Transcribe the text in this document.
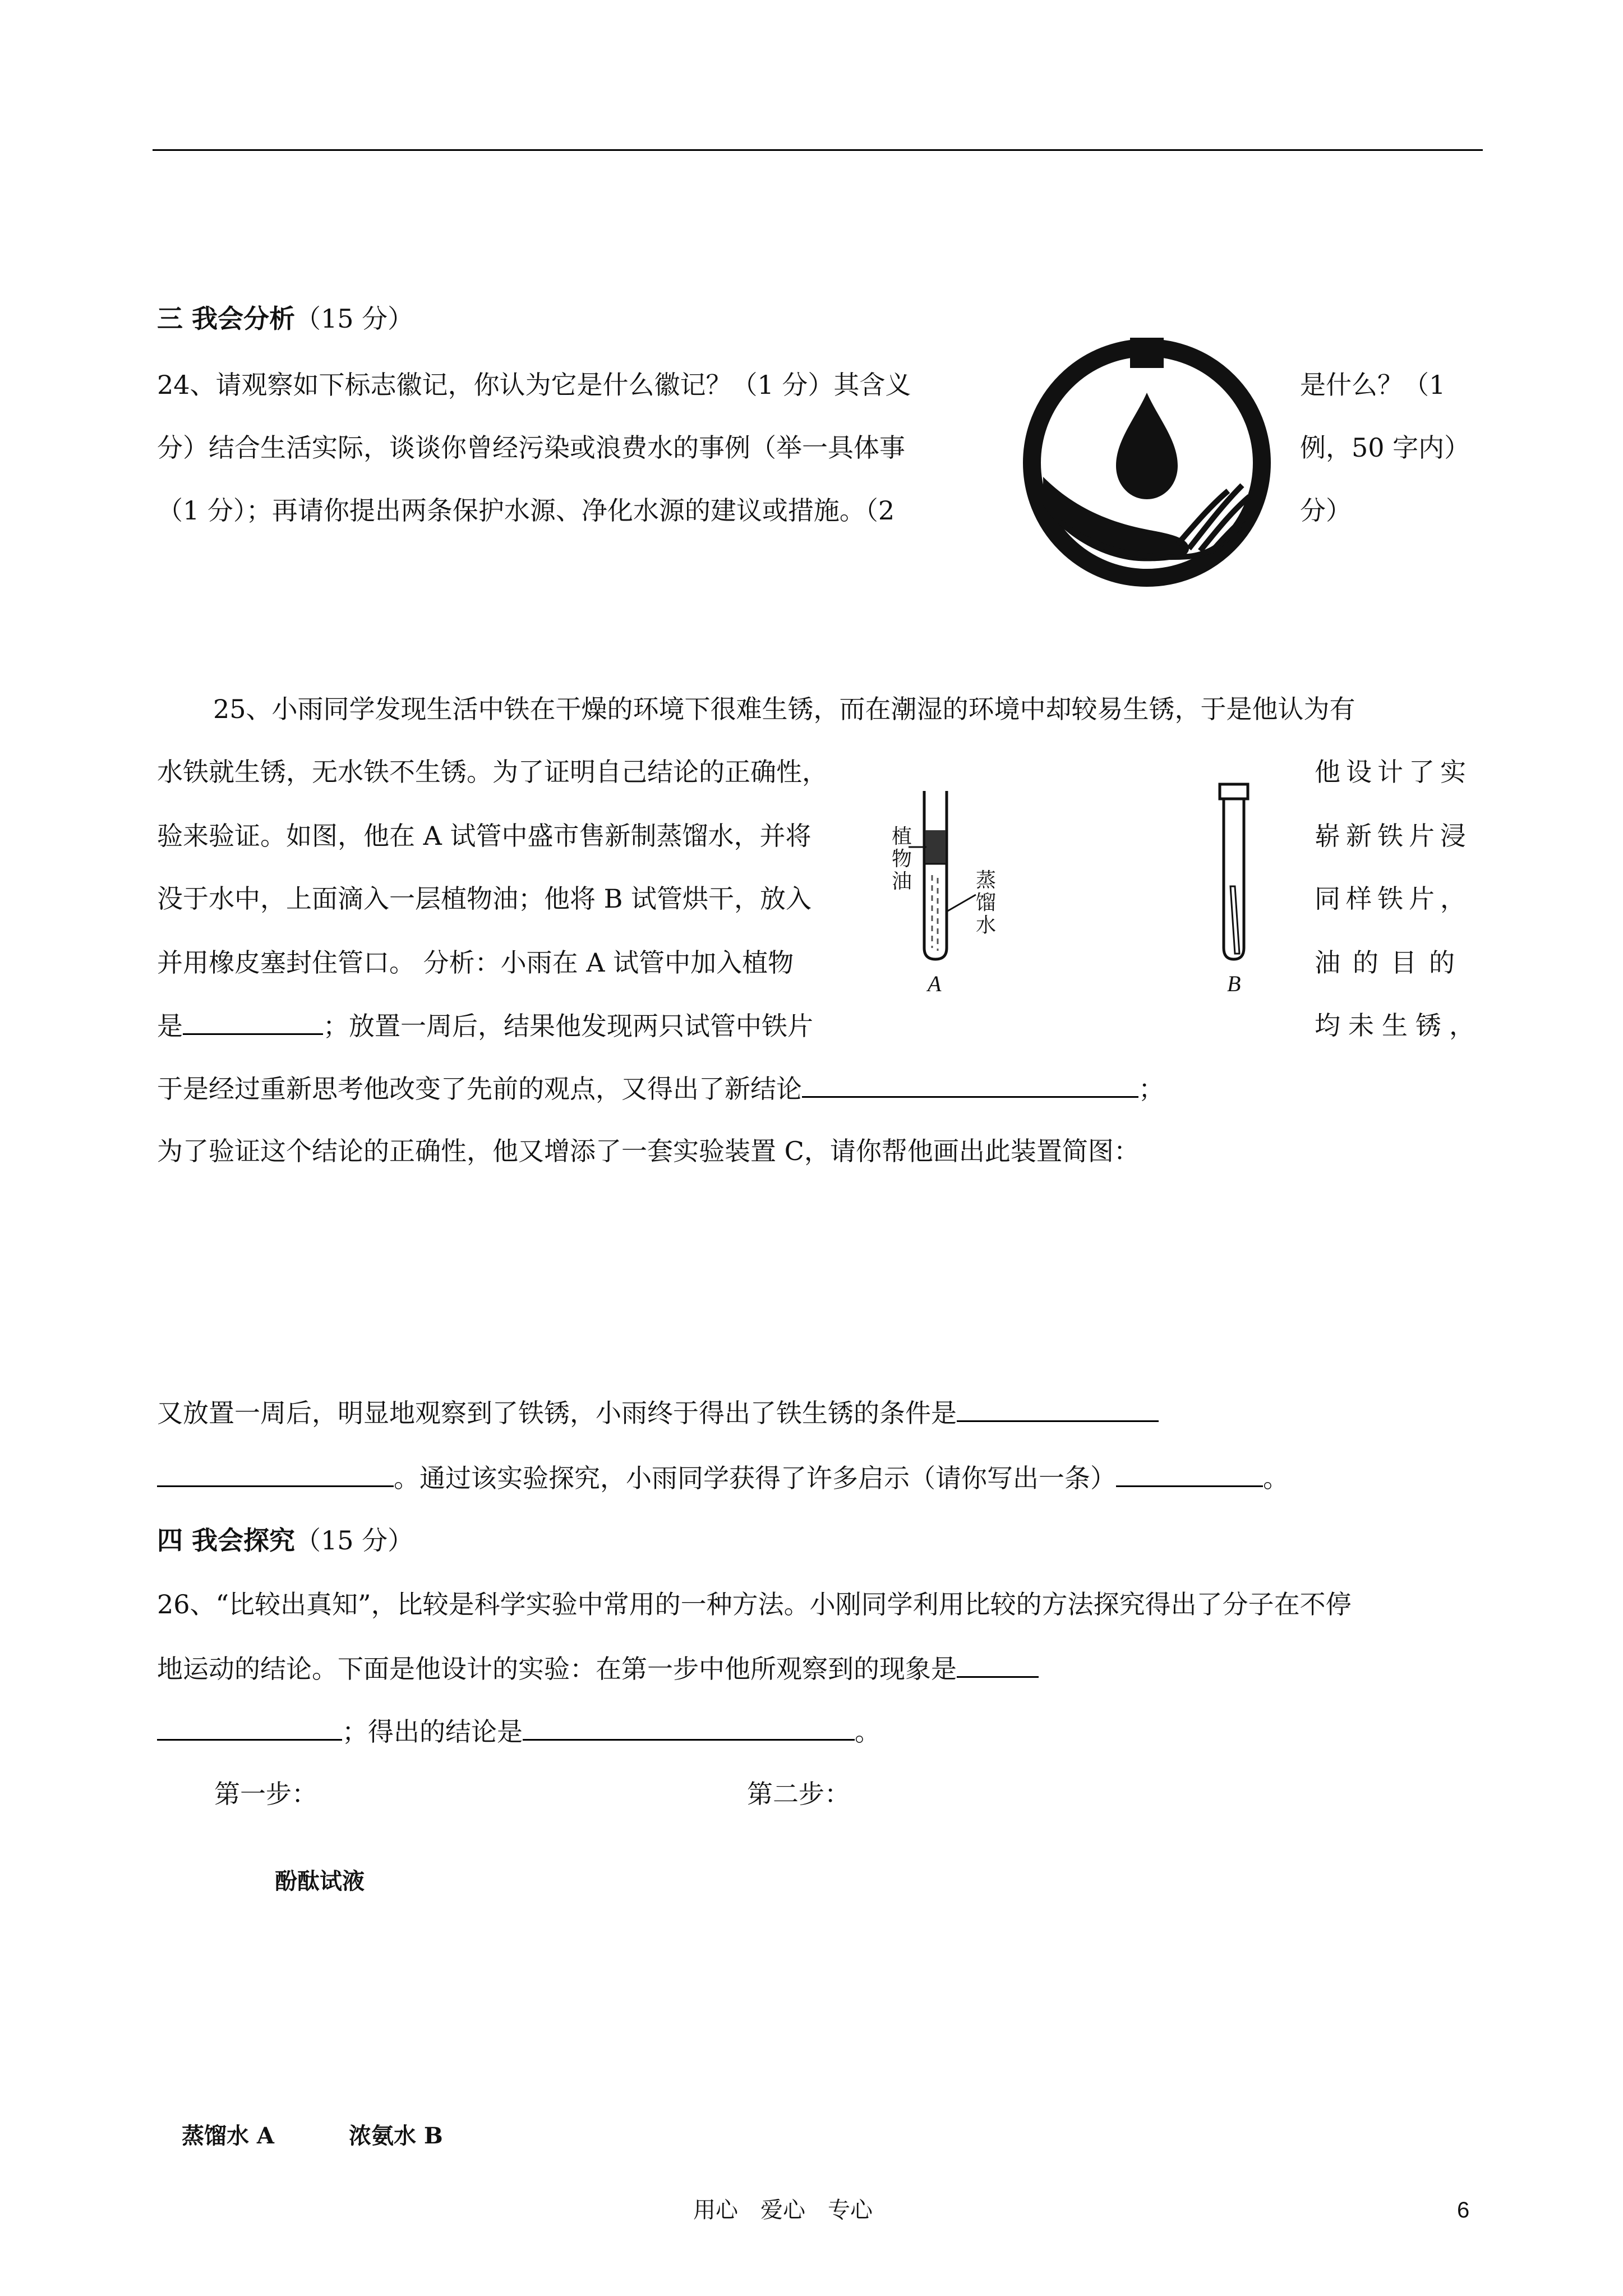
三 我会分析（15 分）
24、请观察如下标志徽记，你认为它是什么徽记？（1 分）其含义	是什么？（1
分）结合生活实际，谈谈你曾经污染或浪费水的事例（举一具体事	例，50 字内）
（1 分）；再请你提出两条保护水源、净化水源的建议或措施。（2	分）
25、小雨同学发现生活中铁在干燥的环境下很难生锈，而在潮湿的环境中却较易生锈，于是他认为有
水铁就生锈，无水铁不生锈。为了证明自己结论的正确性，	他设计了实
验来验证。如图，他在 A 试管中盛市售新制蒸馏水，并将	崭新铁片浸
没于水中，上面滴入一层植物油；他将 B 试管烘干，放入	同样铁片，
并用橡皮塞封住管口。 分析：小雨在 A 试管中加入植物	油的目的
是	；放置一周后，结果他发现两只试管中铁片	均未生锈，
于是经过重新思考他改变了先前的观点，又得出了新结论	；
为了验证这个结论的正确性，他又增添了一套实验装置 C，请你帮他画出此装置简图：
又放置一周后，明显地观察到了铁锈，小雨终于得出了铁生锈的条件是
。通过该实验探究，小雨同学获得了许多启示（请你写出一条）	。
植物油	蒸馏水
A	B
四 我会探究（15 分）
26、“比较出真知”，比较是科学实验中常用的一种方法。小刚同学利用比较的方法探究得出了分子在不停
地运动的结论。下面是他设计的实验：在第一步中他所观察到的现象是
；得出的结论是	。
第一步：	第二步：
酚酞试液
蒸馏水 A	浓氨水 B
用心　爱心　专心	6
